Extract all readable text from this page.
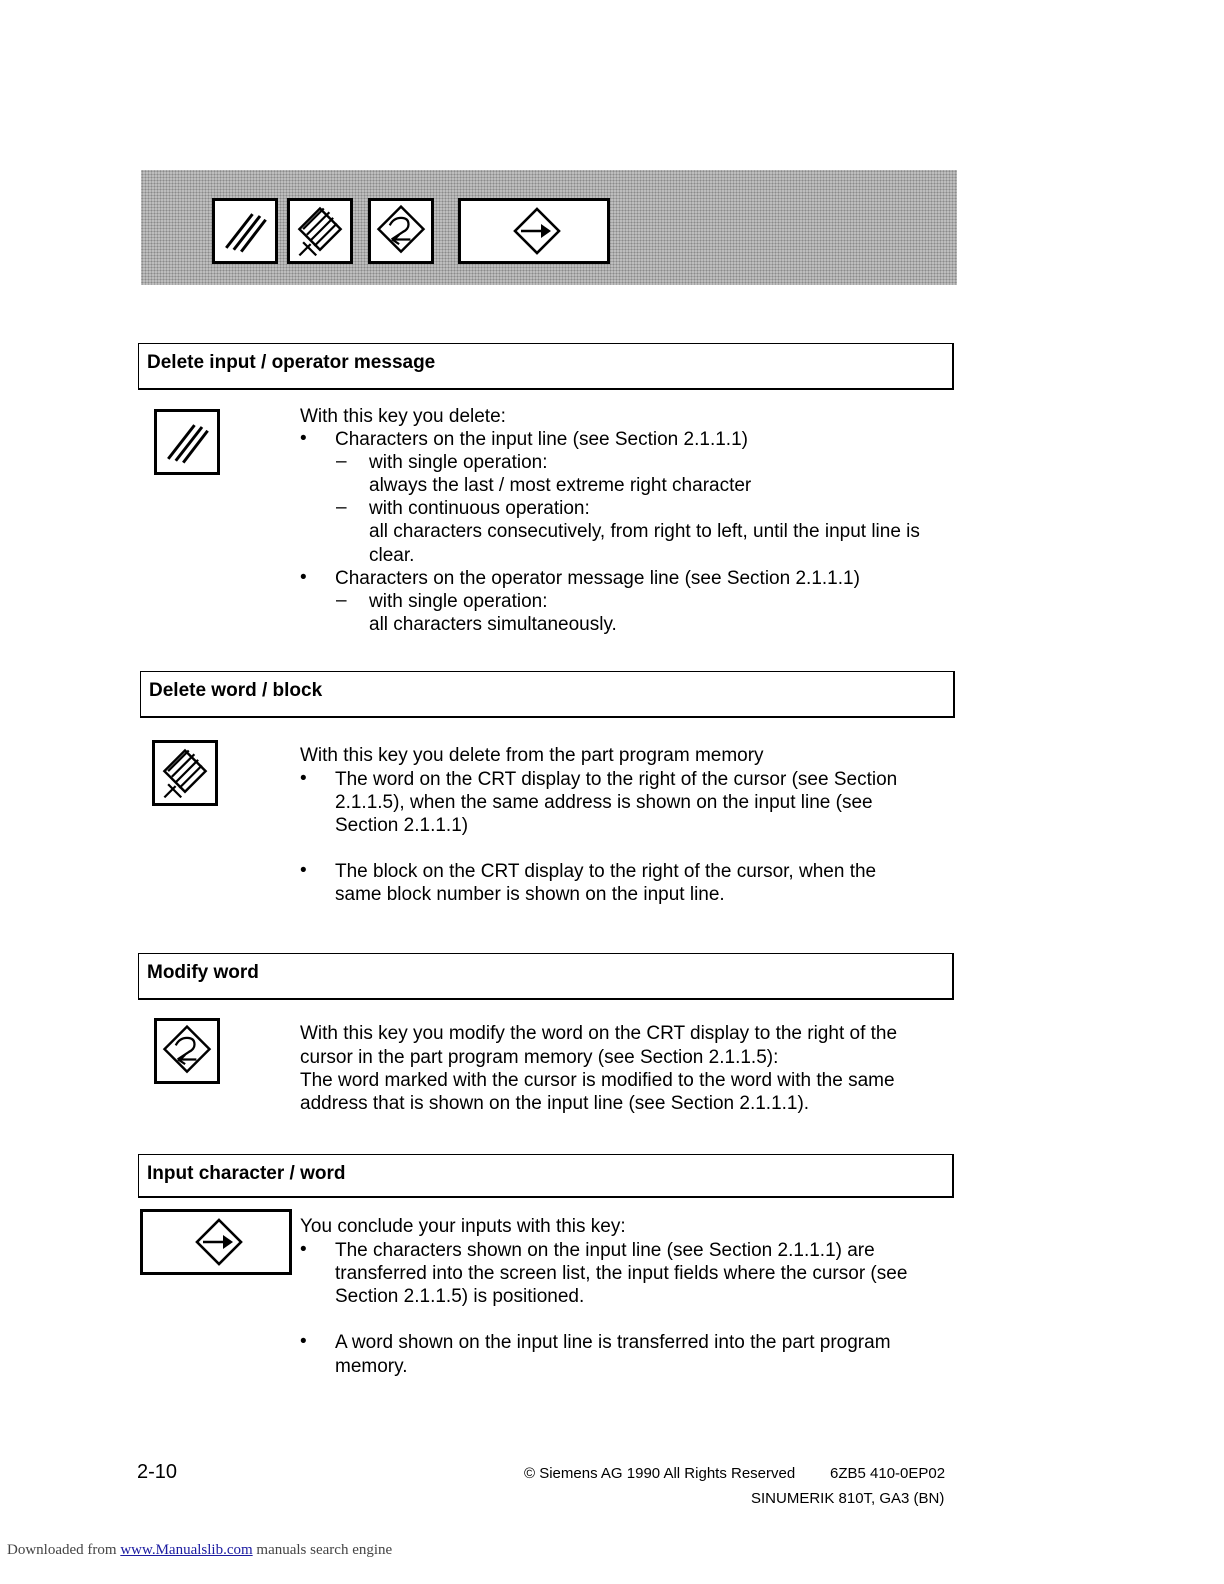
Delete input / operator message
With this key you delete:
• Characters on the input line (see Section 2.1.1.1)
– with single operation:
always the last / most extreme right character
– with continuous operation:
all characters consecutively, from right to left, until the input line is
clear.
• Characters on the operator message line (see Section 2.1.1.1)
– with single operation:
all characters simultaneously.
Delete word / block
With this key you delete from the part program memory
• The word on the CRT display to the right of the cursor (see Section
2.1.1.5), when the same address is shown on the input line (see
Section 2.1.1.1)
• The block on the CRT display to the right of the cursor, when the
same block number is shown on the input line.
Modify word
With this key you modify the word on the CRT display to the right of the
cursor in the part program memory (see Section 2.1.1.5):
The word marked with the cursor is modified to the word with the same
address that is shown on the input line (see Section 2.1.1.1).
Input character / word
You conclude your inputs with this key:
• The characters shown on the input line (see Section 2.1.1.1) are
transferred into the screen list, the input fields where the cursor (see
Section 2.1.1.5) is positioned.
• A word shown on the input line is transferred into the part program
memory.
2-10	© Siemens AG 1990 All Rights Reserved 6ZB5 410-0EP02
SINUMERIK 810T, GA3 (BN)
Downloaded from www.Manualslib.com manuals search engine
